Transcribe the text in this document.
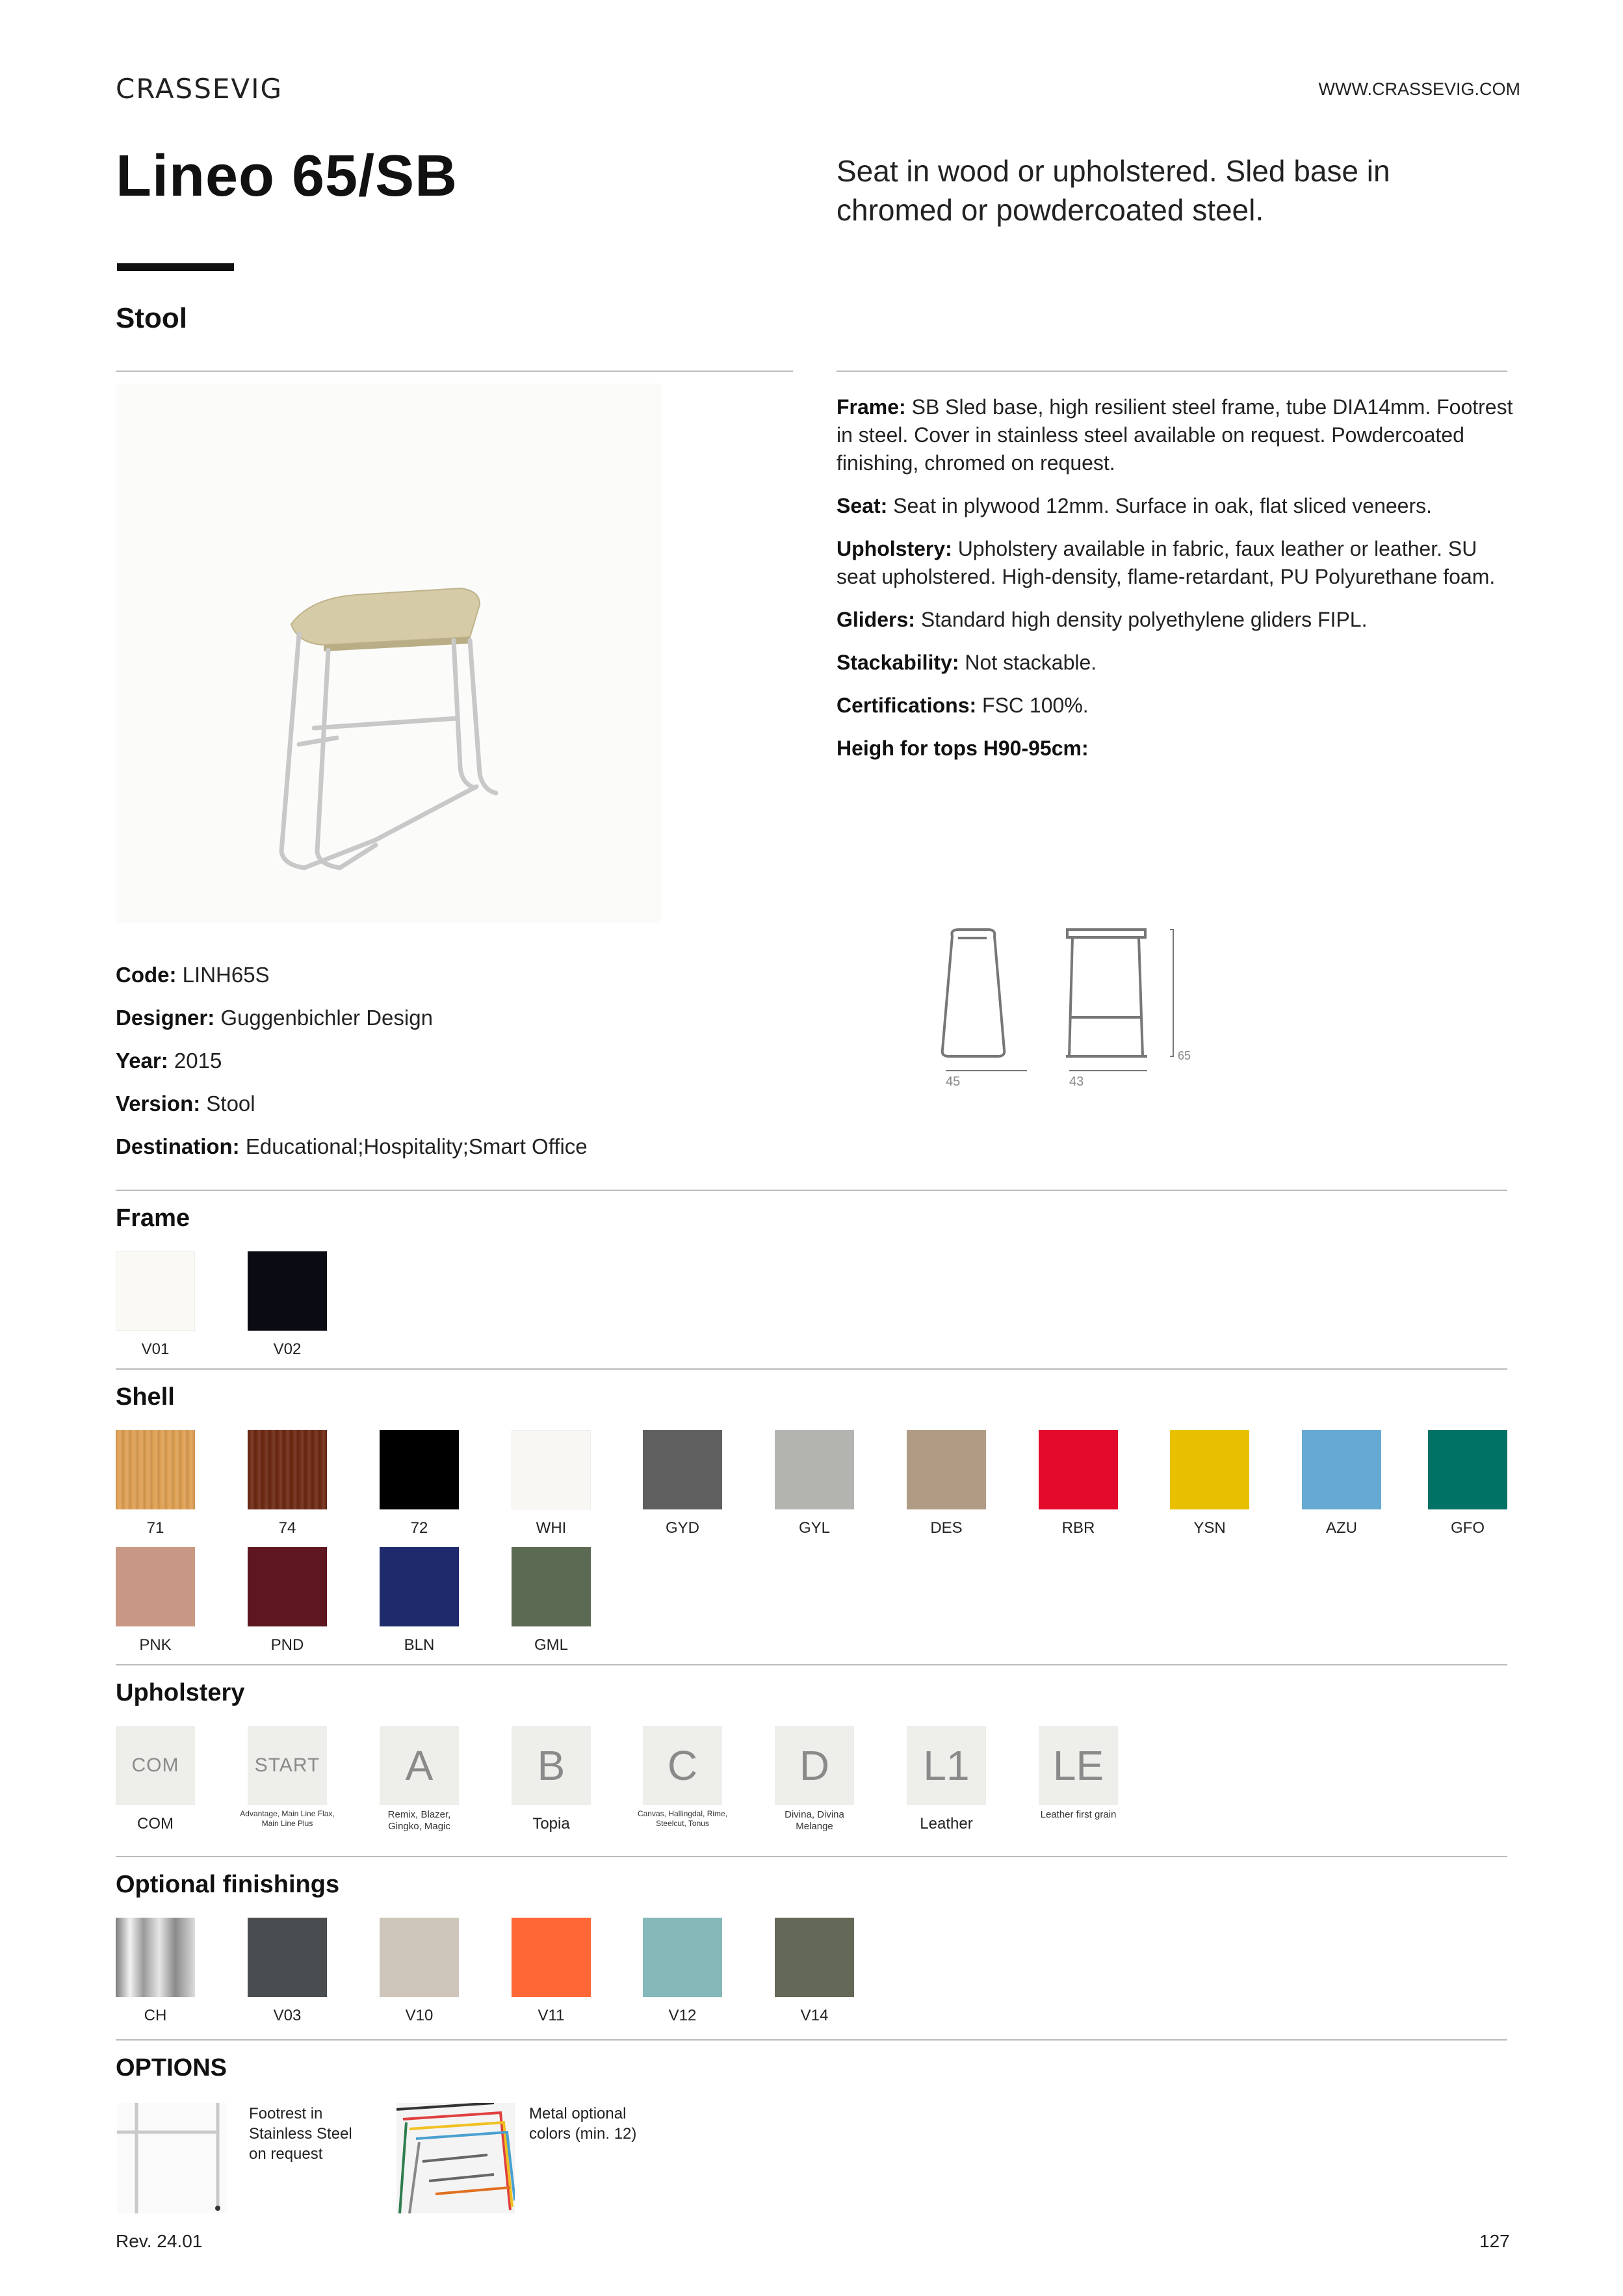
CRASSEVIG	WWW.CRASSEVIG.COM
Lineo 65/SB	Seat in wood or upholstered. Sled base in chromed or powdercoated steel.

Stool

Frame: SB Sled base, high resilient steel frame, tube DIA14mm. Footrest in steel. Cover in stainless steel available on request. Powdercoated finishing, chromed on request.

Seat: Seat in plywood 12mm. Surface in oak, flat sliced veneers.

Upholstery: Upholstery available in fabric, faux leather or leather. SU seat upholstered. High-density, flame-retardant, PU Polyurethane foam.

Gliders: Standard high density polyethylene gliders FIPL.

Stackability: Not stackable.

Certifications: FSC 100%.

Heigh for tops H90-95cm:

45	43
65
Code: LINH65S
Designer: Guggenbichler Design
Year: 2015
Version: Stool
Destination: Educational;Hospitality;Smart Office
Frame
V01	V02
Shell
71	74	72	WHI	GYD	GYL	DES	RBR	YSN	AZU	GFO
PNK	PND	BLN	GML
Upholstery
COM
COM
START
Advantage, Main Line Flax, Main Line Plus
A
Remix, Blazer, Gingko, Magic
B
Topia
C
Canvas, Hallingdal, Rime, Steelcut, Tonus
D
Divina, Divina Melange
L1
Leather
LE
Leather first grain
Optional finishings
CH	V03	V10	V11	V12	V14
OPTIONS
Footrest in Stainless Steel on request
Metal optional colors (min. 12)
Rev. 24.01	127
